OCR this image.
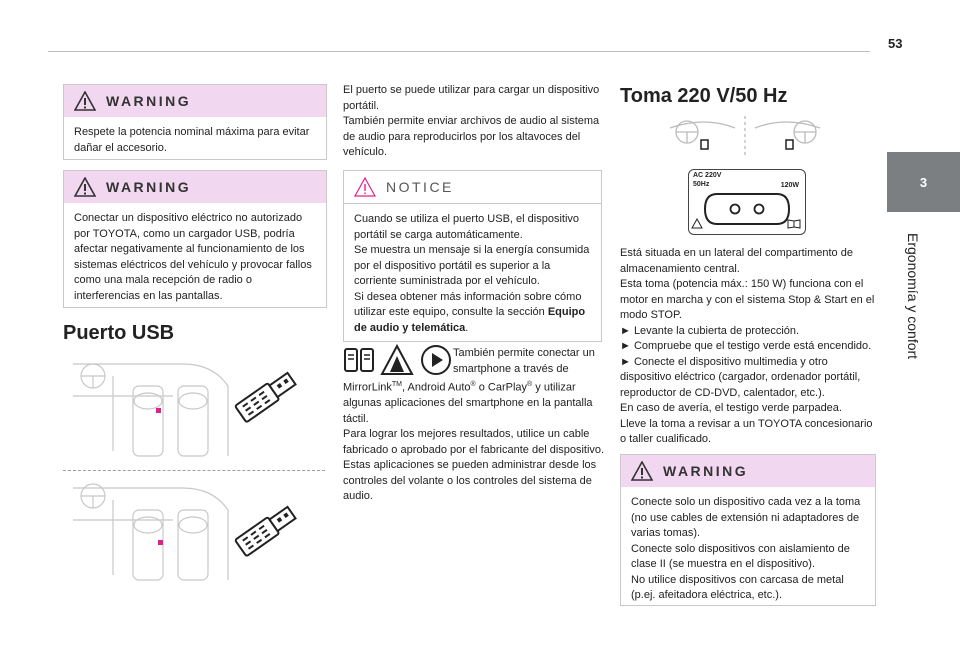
53
3
Ergonomía y confort
WARNING
Respete la potencia nominal máxima para evitar dañar el accesorio.
WARNING
Conectar un dispositivo eléctrico no autorizado por TOYOTA, como un cargador USB, podría afectar negativamente al funcionamiento de los sistemas eléctricos del vehículo y provocar fallos como una mala recepción de radio o interferencias en las pantallas.
Puerto USB
El puerto se puede utilizar para cargar un dispositivo portátil.
También permite enviar archivos de audio al sistema de audio para reproducirlos por los altavoces del vehículo.
NOTICE
Cuando se utiliza el puerto USB, el dispositivo portátil se carga automáticamente.
Se muestra un mensaje si la energía consumida por el dispositivo portátil es superior a la corriente suministrada por el vehículo.
Si desea obtener más información sobre cómo utilizar este equipo, consulte la sección Equipo de audio y telemática.
También permite conectar un smartphone a través de
MirrorLink™, Android Auto® o CarPlay® y utilizar algunas aplicaciones del smartphone en la pantalla táctil.
Para lograr los mejores resultados, utilice un cable fabricado o aprobado por el fabricante del dispositivo.
Estas aplicaciones se pueden administrar desde los controles del volante o los controles del sistema de audio.
Toma 220 V/50 Hz
AC 220V
50Hz	120W
Está situada en un lateral del compartimento de almacenamiento central.
Esta toma (potencia máx.: 150 W) funciona con el motor en marcha y con el sistema Stop & Start en el modo STOP.
► Levante la cubierta de protección.
► Compruebe que el testigo verde está encendido.
► Conecte el dispositivo multimedia y otro dispositivo eléctrico (cargador, ordenador portátil, reproductor de CD-DVD, calentador, etc.).
En caso de avería, el testigo verde parpadea.
Lleve la toma a revisar a un TOYOTA concesionario o taller cualificado.
WARNING
Conecte solo un dispositivo cada vez a la toma (no use cables de extensión ni adaptadores de varias tomas).
Conecte solo dispositivos con aislamiento de clase II (se muestra en el dispositivo).
No utilice dispositivos con carcasa de metal (p.ej. afeitadora eléctrica, etc.).
